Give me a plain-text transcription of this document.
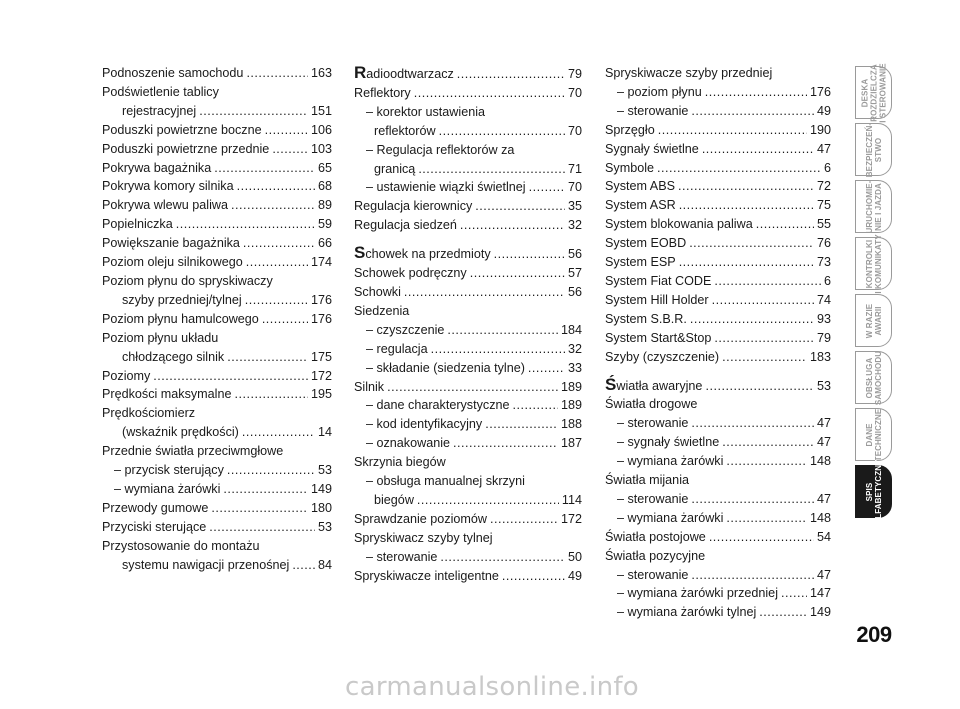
Podnoszenie samochodu .....	163
Podświetlenie tablicy
rejestracyjnej .....	151
Poduszki powietrzne boczne .....	106
Poduszki powietrzne przednie .....	103
Pokrywa bagażnika .....	65
Pokrywa komory silnika .....	68
Pokrywa wlewu paliwa .....	89
Popielniczka .....	59
Powiększanie bagażnika .....	66
Poziom oleju silnikowego .....	174
Poziom płynu do spryskiwaczy
szyby przedniej/tylnej .....	176
Poziom płynu hamulcowego .....	176
Poziom płynu układu
chłodzącego silnik .....	175
Poziomy .....	172
Prędkości maksymalne .....	195
Prędkościomierz
(wskaźnik prędkości) .....	14
Przednie światła przeciwmgłowe
– przycisk sterujący .....	53
– wymiana żarówki .....	149
Przewody gumowe .....	180
Przyciski sterujące .....	53
Przystosowanie do montażu
systemu nawigacji przenośnej ..... 84
Radioodtwarzacz .....	79
Reflektory .....	70
– korektor ustawienia
reflektorów .....	70
– Regulacja reflektorów za
granicą .....	71
– ustawienie wiązki świetlnej .....	70
Regulacja kierownicy .....	35
Regulacja siedzeń .....	32
Schowek na przedmioty .....	56
Schowek podręczny .....	57
Schowki .....	56
Siedzenia
– czyszczenie .....	184
– regulacja .....	32
– składanie (siedzenia tylne) .....	33
Silnik .....	189
– dane charakterystyczne .....	189
– kod identyfikacyjny .....	188
– oznakowanie .....	187
Skrzynia biegów
– obsługa manualnej skrzyni
biegów .....	114
Sprawdzanie poziomów .....	172
Spryskiwacz szyby tylnej
– sterowanie .....	50
Spryskiwacze inteligentne .....	49
Spryskiwacze szyby przedniej
– poziom płynu .....	176
– sterowanie .....	49
Sprzęgło .....	190
Sygnały świetlne .....	47
Symbole .....	6
System ABS .....	72
System ASR .....	75
System blokowania paliwa .....	55
System EOBD .....	76
System ESP .....	73
System Fiat CODE .....	6
System Hill Holder .....	74
System S.B.R. .....	93
System Start&Stop .....	79
Szyby (czyszczenie) .....	183
Światła awaryjne .....	53
Światła drogowe
– sterowanie .....	47
– sygnały świetlne .....	47
– wymiana żarówki .....	148
Światła mijania
– sterowanie .....	47
– wymiana żarówki .....	148
Światła postojowe .....	54
Światła pozycyjne
– sterowanie .....	47
– wymiana żarówki przedniej .....	147
– wymiana żarówki tylnej .....	149
DESKA
ROZDZIELCZA
I STEROWANIE
BEZPIECZEŃ-
STWO
URUCHOMIE-
NIE I JAZDA
KONTROLKI
I KOMUNIKATY
W RAZIE
AWARII
OBSŁUGA
SAMOCHODU
DANE
TECHNICZNE
SPIS
ALFABETYCZNY
209
carmanualsonline.info
